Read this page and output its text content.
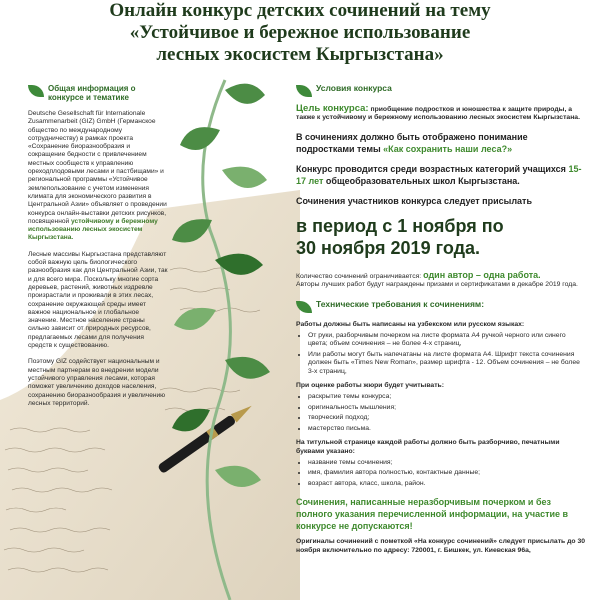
Онлайн конкурс детских сочинений на тему
«Устойчивое и бережное использование
лесных экосистем Кыргызстана»
Общая информация о конкурсе и тематике

Deutsche Gesellschaft für Internationale Zusammenarbeit (GIZ) GmbH (Германское общество по международному сотрудничеству) в рамках проекта «Сохранение биоразнообразия и сокращение бедности с привлечением местных сообществ к управлению ореходплодовыми лесами и пастбищами» и региональной программы «Устойчивое землепользование с учетом изменения климата для экономического развития в Центральной Азии» объявляет о проведении конкурса онлайн-выставки детских рисунков, посвященной устойчивому и бережному использованию лесных экосистем Кыргызстана.

Лесные массивы Кыргызстана представляют собой важную цель биологического разнообразия как для Центральной Азии, так и для всего мира. Поскольку многие сорта деревьев, растений, животных издревле произрастали и проживали в этих лесах, сохранение окружающей среды имеет важное национальное и глобальное значение. Местное население страны сильно зависит от природных ресурсов, предлагаемых лесами для получения средств к существованию.

Поэтому GIZ содействует национальным и местным партнерам во внедрении модели устойчивого управления лесами, которая поможет увеличению доходов населения, сохранению биоразнообразия и увеличению лесных территорий.

Условия конкурса
Цель конкурса: приобщение подростков и юношества к защите природы, а также к устойчивому и бережному использованию лесных экосистем Кыргызстана.

В сочинениях должно быть отображено понимание подростками темы «Как сохранить наши леса?»

Конкурс проводится среди возрастных категорий учащихся 15-17 лет общеобразовательных школ Кыргызстана.

Сочинения участников конкурса следует присылать

в период с 1 ноября по
30 ноября 2019 года.

Количество сочинений ограничивается: один автор – одна работа.
Авторы лучших работ будут награждены призами и сертификатами в декабре 2019 года.

Технические требования к сочинениям:
Работы должны быть написаны на узбекском или русском языках:
• От руки, разборчивым почерком на листе формата А4 ручкой черного или синего цвета; объем сочинения – не более 4-х страниц,
• Или работы могут быть напечатаны на листе формата А4. Шрифт текста сочинения должен быть «Times New Roman», размер шрифта - 12. Объем сочинения – не более 3-х страниц,
При оценке работы жюри будет учитывать:
• раскрытие темы конкурса;
• оригинальность мышления;
• творческий подход;
• мастерство письма.
На титульной странице каждой работы должно быть разборчиво, печатными буквами указано:
• название темы сочинения;
• имя, фамилия автора полностью, контактные данные;
• возраст автора, класс, школа, район.
Сочинения, написанные неразборчивым почерком и без полного указания перечисленной информации, на участие в конкурсе не допускаются!
Оригиналы сочинений с пометкой «На конкурс сочинений» следует присылать до 30 ноября включительно по адресу: 720001, г. Бишкек, ул. Киевская 96а,
